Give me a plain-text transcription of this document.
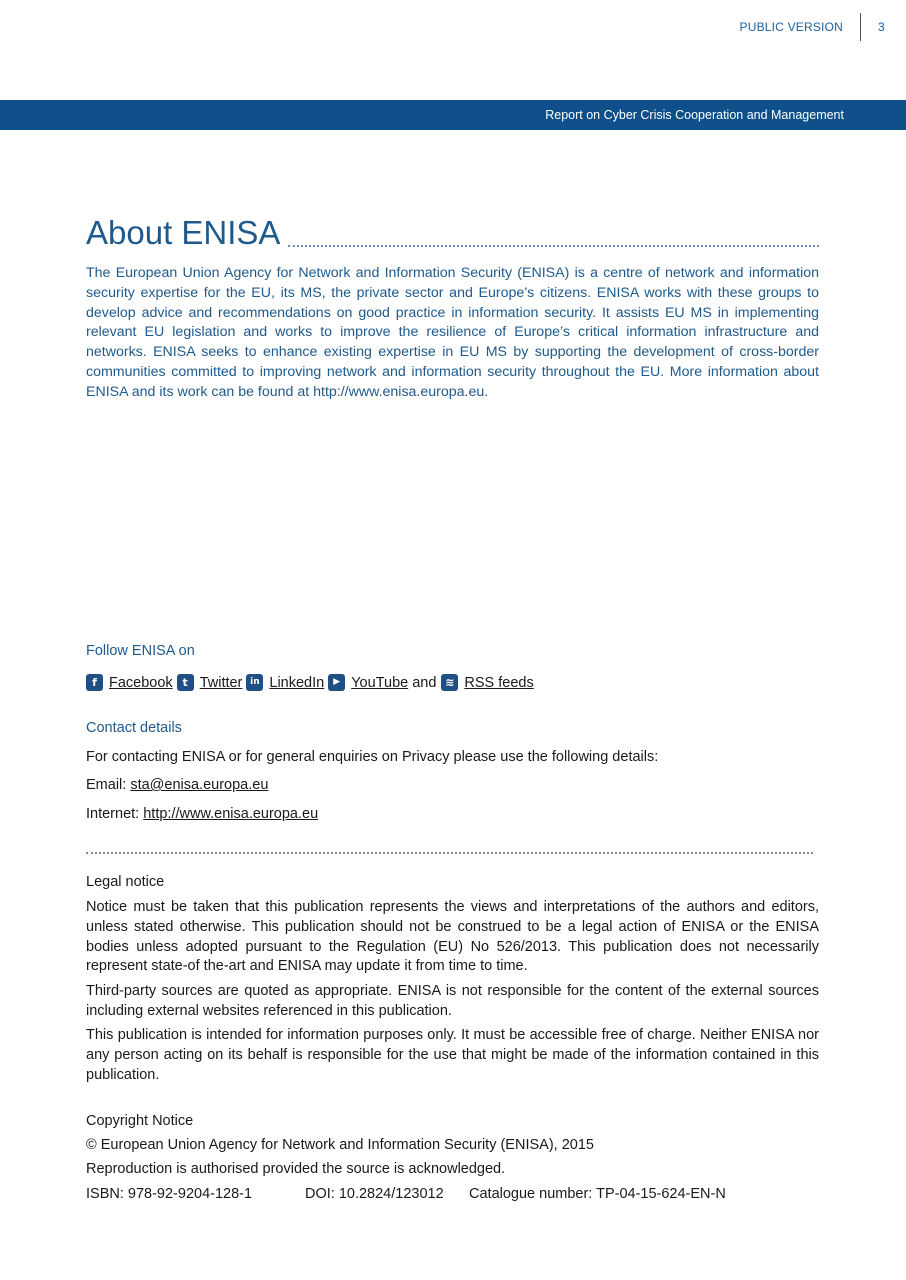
PUBLIC VERSION	3
Report on Cyber Crisis Cooperation and Management
About ENISA

The European Union Agency for Network and Information Security (ENISA) is a centre of network and information security expertise for the EU, its MS, the private sector and Europe’s citizens. ENISA works with these groups to develop advice and recommendations on good practice in information security. It assists EU MS in implementing relevant EU legislation and works to improve the resilience of Europe’s critical information infrastructure and networks. ENISA seeks to enhance existing expertise in EU MS by supporting the development of cross-border communities committed to improving network and information security throughout the EU. More information about ENISA and its work can be found at http://www.enisa.europa.eu.

Follow ENISA on
f Facebook t Twitter in LinkedIn	▶ YouTube and ≋ RSS feeds
Contact details
For contacting ENISA or for general enquiries on Privacy please use the following details:
Email: sta@enisa.europa.eu
Internet: http://www.enisa.europa.eu
Legal notice

Notice must be taken that this publication represents the views and interpretations of the authors and editors, unless stated otherwise. This publication should not be construed to be a legal action of ENISA or the ENISA bodies unless adopted pursuant to the Regulation (EU) No 526/2013. This publication does not necessarily represent state-of the-art and ENISA may update it from time to time.

Third-party sources are quoted as appropriate. ENISA is not responsible for the content of the external sources including external websites referenced in this publication.

This publication is intended for information purposes only. It must be accessible free of charge. Neither ENISA nor any person acting on its behalf is responsible for the use that might be made of the information contained in this publication.

Copyright Notice
© European Union Agency for Network and Information Security (ENISA), 2015
Reproduction is authorised provided the source is acknowledged.
ISBN: 978-92-9204-128-1	DOI: 10.2824/123012 Catalogue number: TP-04-15-624-EN-N
